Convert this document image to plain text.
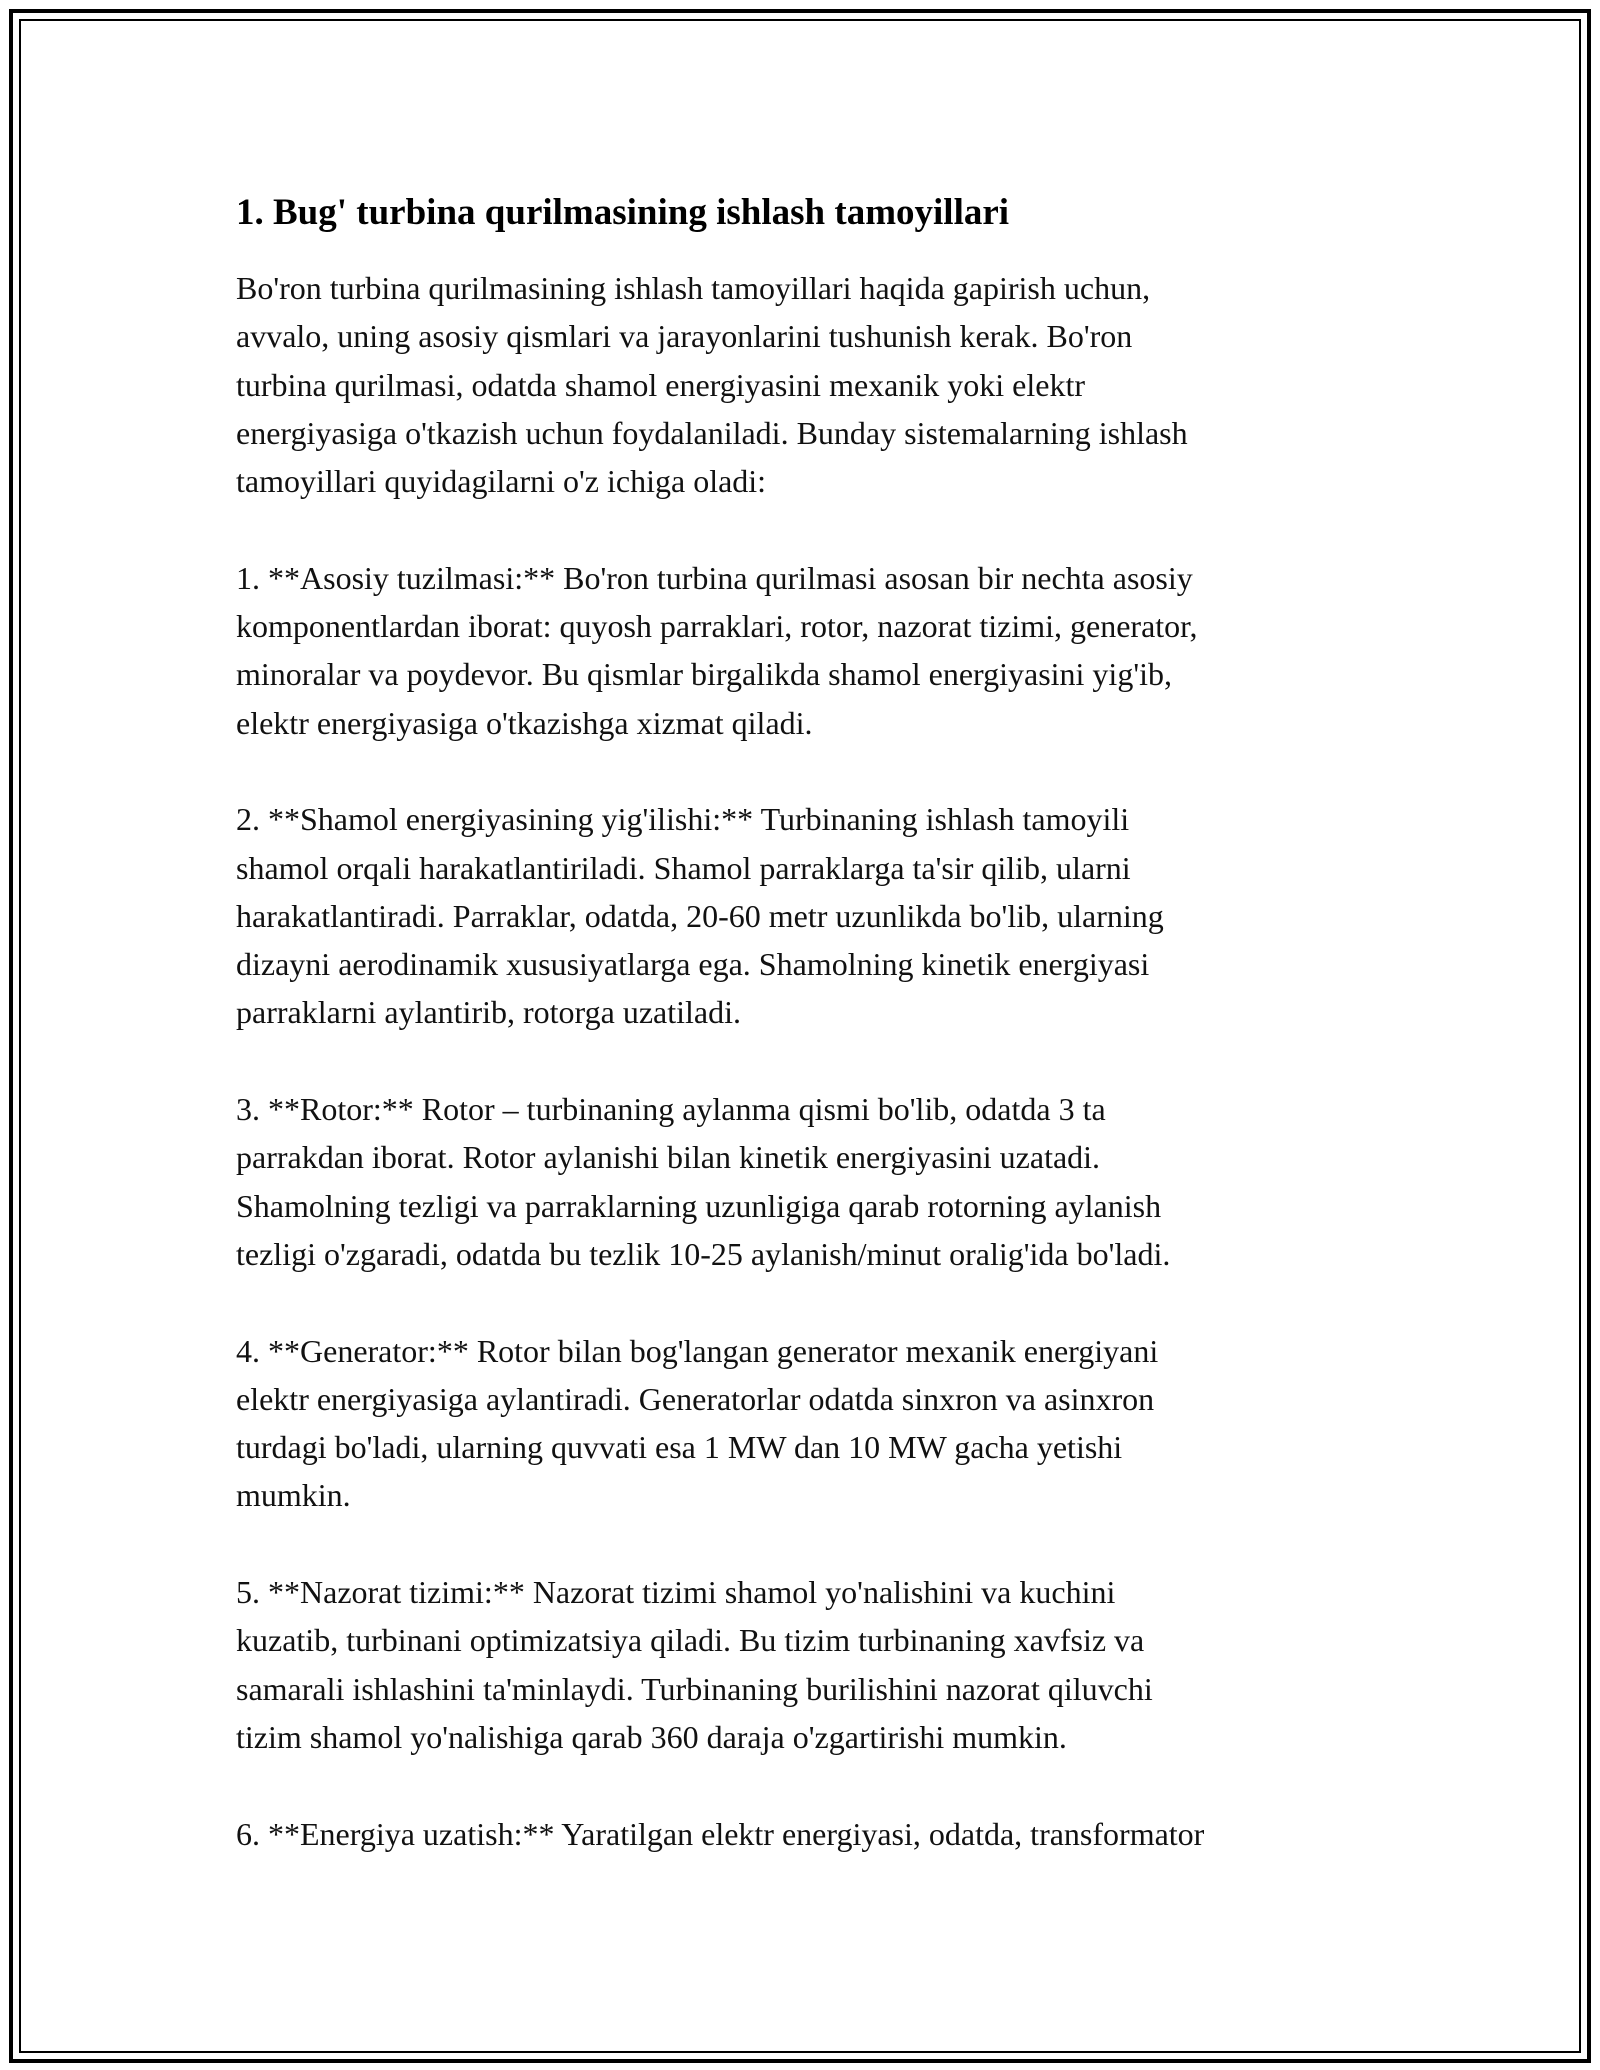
1. Bug' turbina qurilmasining ishlash tamoyillari
Bo'ron turbina qurilmasining ishlash tamoyillari haqida gapirish uchun,
avvalo, uning asosiy qismlari va jarayonlarini tushunish kerak. Bo'ron
turbina qurilmasi, odatda shamol energiyasini mexanik yoki elektr
energiyasiga o'tkazish uchun foydalaniladi. Bunday sistemalarning ishlash
tamoyillari quyidagilarni o'z ichiga oladi:
1. **Asosiy tuzilmasi:** Bo'ron turbina qurilmasi asosan bir nechta asosiy
komponentlardan iborat: quyosh parraklari, rotor, nazorat tizimi, generator,
minoralar va poydevor. Bu qismlar birgalikda shamol energiyasini yig'ib,
elektr energiyasiga o'tkazishga xizmat qiladi.
2. **Shamol energiyasining yig'ilishi:** Turbinaning ishlash tamoyili
shamol orqali harakatlantiriladi. Shamol parraklarga ta'sir qilib, ularni
harakatlantiradi. Parraklar, odatda, 20-60 metr uzunlikda bo'lib, ularning
dizayni aerodinamik xususiyatlarga ega. Shamolning kinetik energiyasi
parraklarni aylantirib, rotorga uzatiladi.
3. **Rotor:** Rotor – turbinaning aylanma qismi bo'lib, odatda 3 ta
parrakdan iborat. Rotor aylanishi bilan kinetik energiyasini uzatadi.
Shamolning tezligi va parraklarning uzunligiga qarab rotorning aylanish
tezligi o'zgaradi, odatda bu tezlik 10-25 aylanish/minut oralig'ida bo'ladi.
4. **Generator:** Rotor bilan bog'langan generator mexanik energiyani
elektr energiyasiga aylantiradi. Generatorlar odatda sinxron va asinxron
turdagi bo'ladi, ularning quvvati esa 1 MW dan 10 MW gacha yetishi
mumkin.
5. **Nazorat tizimi:** Nazorat tizimi shamol yo'nalishini va kuchini
kuzatib, turbinani optimizatsiya qiladi. Bu tizim turbinaning xavfsiz va
samarali ishlashini ta'minlaydi. Turbinaning burilishini nazorat qiluvchi
tizim shamol yo'nalishiga qarab 360 daraja o'zgartirishi mumkin.
6. **Energiya uzatish:** Yaratilgan elektr energiyasi, odatda, transformator
